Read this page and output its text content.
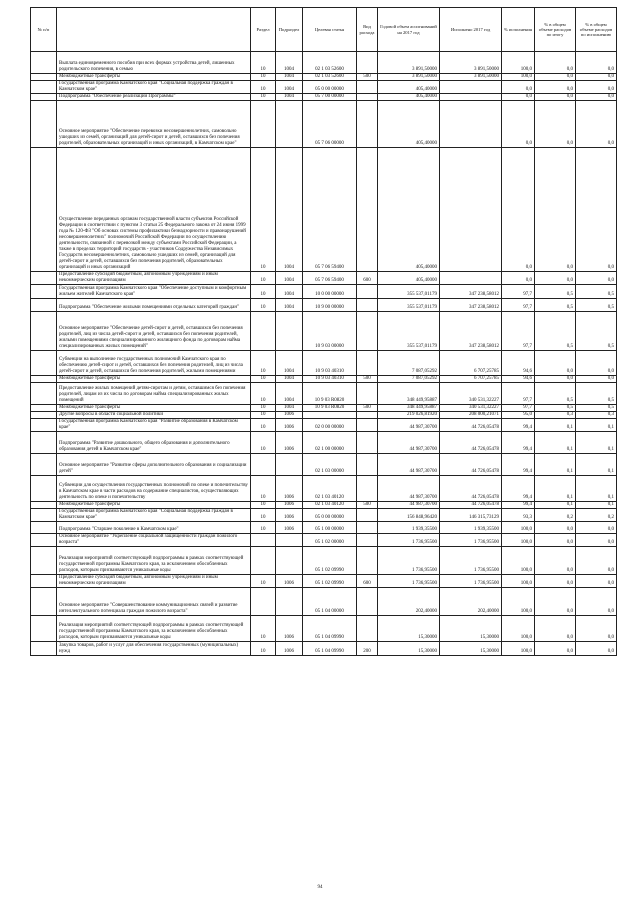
№ п/п		Раздел	Подраздел	Целевая статья	Вид расхода	Годовой объем ассигнований на 2017 год	Исполнено 2017 год	% исполнения	% в общем объеме расходов по итогу	% в общем объеме расходов по исполнению
	Выплата единовременного пособия при всех формах устройства детей, лишенных родительского попечения, в семью	10	1004	02 1 03 52600		3 891,50000	3 891,50000	100,0	0,0	0,0
	Межбюджетные трансферты	10	1004	02 1 03 52600	500	3 891,50000	3 891,50000	100,0	0,0	0,0
	Государственная программа Камчатского края "Социальная поддержка граждан в Камчатском крае"	10	1004	05 0 00 00000		405,40000		0,0	0,0	0,0
	Подпрограмма "Обеспечение реализации Программы"	10	1004	05 7 00 00000		405,40000		0,0	0,0	0,0
	Основное мероприятие "Обеспечение перевозки несовершеннолетних, самовольно ушедших из семей, организаций для детей-сирот и детей, оставшихся без попечения родителей, образовательных организаций и иных организаций, в Камчатском крае"			05 7 06 00000		405,40000		0,0	0,0	0,0
	Осуществление переданных органам государственной власти субъектов Российской Федерации в соответствии с пунктом 3 статьи 25 Федерального закона от 24 июня 1999 года № 120-ФЗ "Об основах системы профилактики безнадзорности и правонарушений несовершеннолетних" полномочий Российской Федерации по осуществлению деятельности, связанной с перевозкой между субъектами Российской Федерации, а также в пределах территорий государств - участников Содружества Независимых Государств несовершеннолетних, самовольно ушедших из семей, организаций для детей-сирот и детей, оставшихся без попечения родителей, образовательных организаций и иных организаций	10	1004	05 7 06 59400		405,40000		0,0	0,0	0,0
	Предоставление субсидий бюджетным, автономным учреждениям и иным некоммерческим организациям	10	1004	05 7 06 59400	600	405,40000		0,0	0,0	0,0
	Государственная программа Камчатского края "Обеспечение доступным и комфортным жильем жителей Камчатского края"	10	1004	10 0 00 00000		355 537,01179	347 238,58012	97,7	0,5	0,5
	Подпрограмма "Обеспечение жилыми помещениями отдельных категорий граждан"	10	1004	10 9 00 00000		355 537,01179	347 238,58012	97,7	0,5	0,5
	Основное мероприятие "Обеспечение детей-сирот и детей, оставшихся без попечения родителей, лиц из числа детей-сирот и детей, оставшихся без попечения родителей, жилыми помещениями специализированного жилищного фонда по договорам найма специализированных жилых помещений"			10 9 03 00000		355 537,01179	347 238,58012	97,7	0,5	0,5
	Субвенции на выполнение государственных полномочий Камчатского края по обеспечению детей-сирот и детей, оставшихся без попечения родителей, лиц из числа детей-сирот и детей, оставшихся без попечения родителей, жилыми помещениями	10	1004	10 9 03 40310		7 087,05292	6 707,25785	94,6	0,0	0,0
	Межбюджетные трансферты	10	1004	10 9 03 40310	500	7 087,05292	6 707,25785	94,6	0,0	0,0
	Предоставление жилых помещений детям-сиротам и детям, оставшимся без попечения родителей, лицам из их числа по договорам найма специализированных жилых помещений	10	1004	10 9 03 R0820		348 449,95887	340 531,32227	97,7	0,5	0,5
	Межбюджетные трансферты	10	1004	10 9 03 R0820	500	348 449,95887	340 531,32227	97,7	0,5	0,5
	Другие вопросы в области социальной политики	10	1006			219 026,81920	208 000,21071	95,0	0,3	0,3
	Государственная программа Камчатского края "Развитие образования в Камчатском крае"	10	1006	02 0 00 00000		44 987,30700	44 726,05478	99,4	0,1	0,1
	Подпрограмма "Развитие дошкольного, общего образования и дополнительного образования детей в Камчатском крае"	10	1006	02 1 00 00000		44 987,30700	44 726,05478	99,4	0,1	0,1
	Основное мероприятие "Развитие сферы дополнительного образования и социализации детей"			02 1 03 00000		44 987,30700	44 726,05478	99,4	0,1	0,1
	Субвенции для осуществления государственных полномочий по опеке и попечительству в Камчатском крае в части расходов на содержание специалистов, осуществляющих деятельность по опеке и попечительству	10	1006	02 1 03 40120		44 987,30700	44 726,05478	99,4	0,1	0,1
	Межбюджетные трансферты	10	1006	02 1 03 40120	500	44 987,30700	44 726,05478	99,4	0,1	0,1
	Государственная программа Камчатского края "Социальная поддержка граждан в Камчатском крае"	10	1006	05 0 00 00000		156 848,96420	146 315,73129	93,3	0,2	0,2
	Подпрограмма "Старшее поколение в Камчатском крае"	10	1006	05 1 00 00000		1 939,35500	1 939,35500	100,0	0,0	0,0
	Основное мероприятие "Укрепление социальной защищенности граждан пожилого возраста"			05 1 02 00000		1 736,95500	1 736,95500	100,0	0,0	0,0
	Реализация мероприятий соответствующей подпрограммы в рамках соответствующей государственной программы Камчатского края, за исключением обособленных расходов, которым присваиваются уникальные коды			05 1 02 09990		1 736,95500	1 736,95500	100,0	0,0	0,0
	Предоставление субсидий бюджетным, автономным учреждениям и иным некоммерческим организациям	10	1006	05 1 02 09990	600	1 736,95500	1 736,95500	100,0	0,0	0,0
	Основное мероприятие "Совершенствование коммуникационных связей и развитие интеллектуального потенциала граждан пожилого возраста"			05 1 04 00000		202,40000	202,40000	100,0	0,0	0,0
	Реализация мероприятий соответствующей подпрограммы в рамках соответствующей государственной программы Камчатского края, за исключением обособленных расходов, которым присваиваются уникальные коды	10	1006	05 1 04 09990		15,30000	15,30000	100,0	0,0	0,0
	Закупка товаров, работ и услуг для обеспечения государственных (муниципальных) нужд	10	1006	05 1 04 09990	200	15,30000	15,30000	100,0	0,0	0,0
94
